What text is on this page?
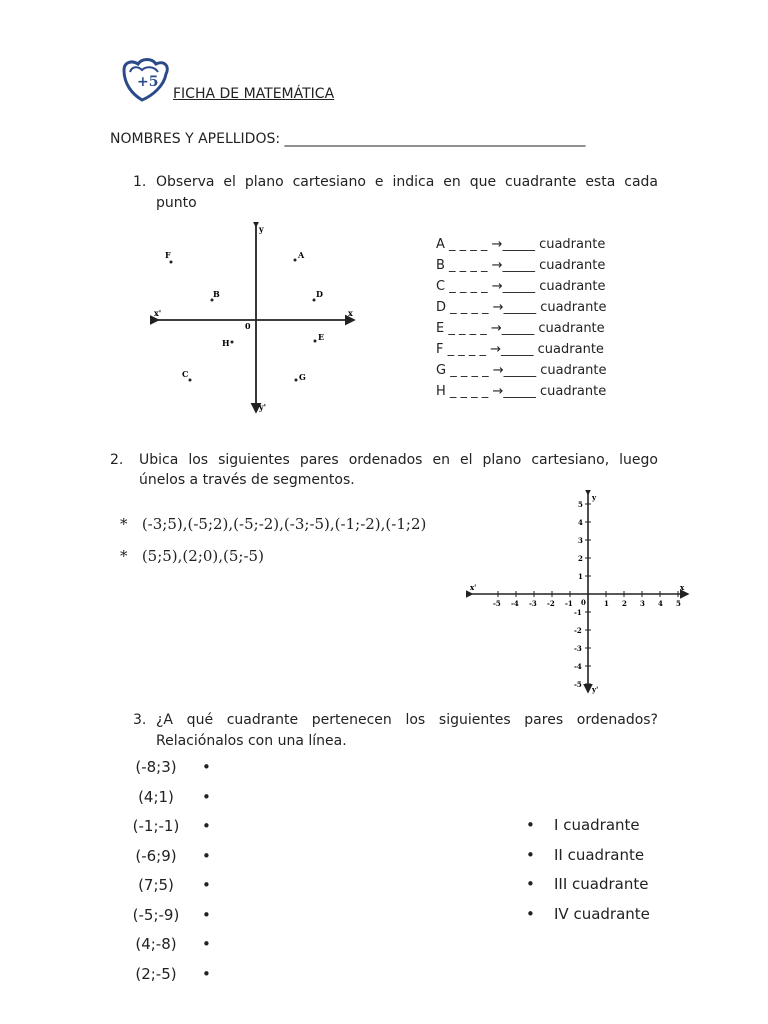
+5
FICHA DE MATEMÁTICA
NOMBRES Y APELLIDOS: ___________________________________________
1. Observa el plano cartesiano e indica en que cuadrante esta cada
punto
x
x'
y
y'
0
A
B
C
D
E
F
G
H
A _ _ _ _ →_____ cuadrante
B _ _ _ _ →_____ cuadrante
C _ _ _ _ →_____ cuadrante
D _ _ _ _ →_____ cuadrante
E _ _ _ _ →_____ cuadrante
F _ _ _ _ →_____ cuadrante
G _ _ _ _ →_____ cuadrante
H _ _ _ _ →_____ cuadrante
2. Ubica los siguientes pares ordenados en el plano cartesiano, luego
únelos a través de segmentos.
* (-3;5),(-5;2),(-5;-2),(-3;-5),(-1;-2),(-1;2)
* (5;5),(2;0),(5;-5)
-5 -4 -3 -2 -1	1 2 3 4 5
5
4
3
2
1
-1
-2
-3
-4
-5
x
x'
y
y'
0
3. ¿A qué cuadrante pertenecen los siguientes pares ordenados?
Relaciónalos con una línea.
(-8;3)	•
(4;1)	•
(-1;-1)	•
(-6;9)	•
(7;5)	•
(-5;-9)	•
(4;-8)	•
(2;-5)	•
• I cuadrante
• II cuadrante
• III cuadrante
• IV cuadrante
